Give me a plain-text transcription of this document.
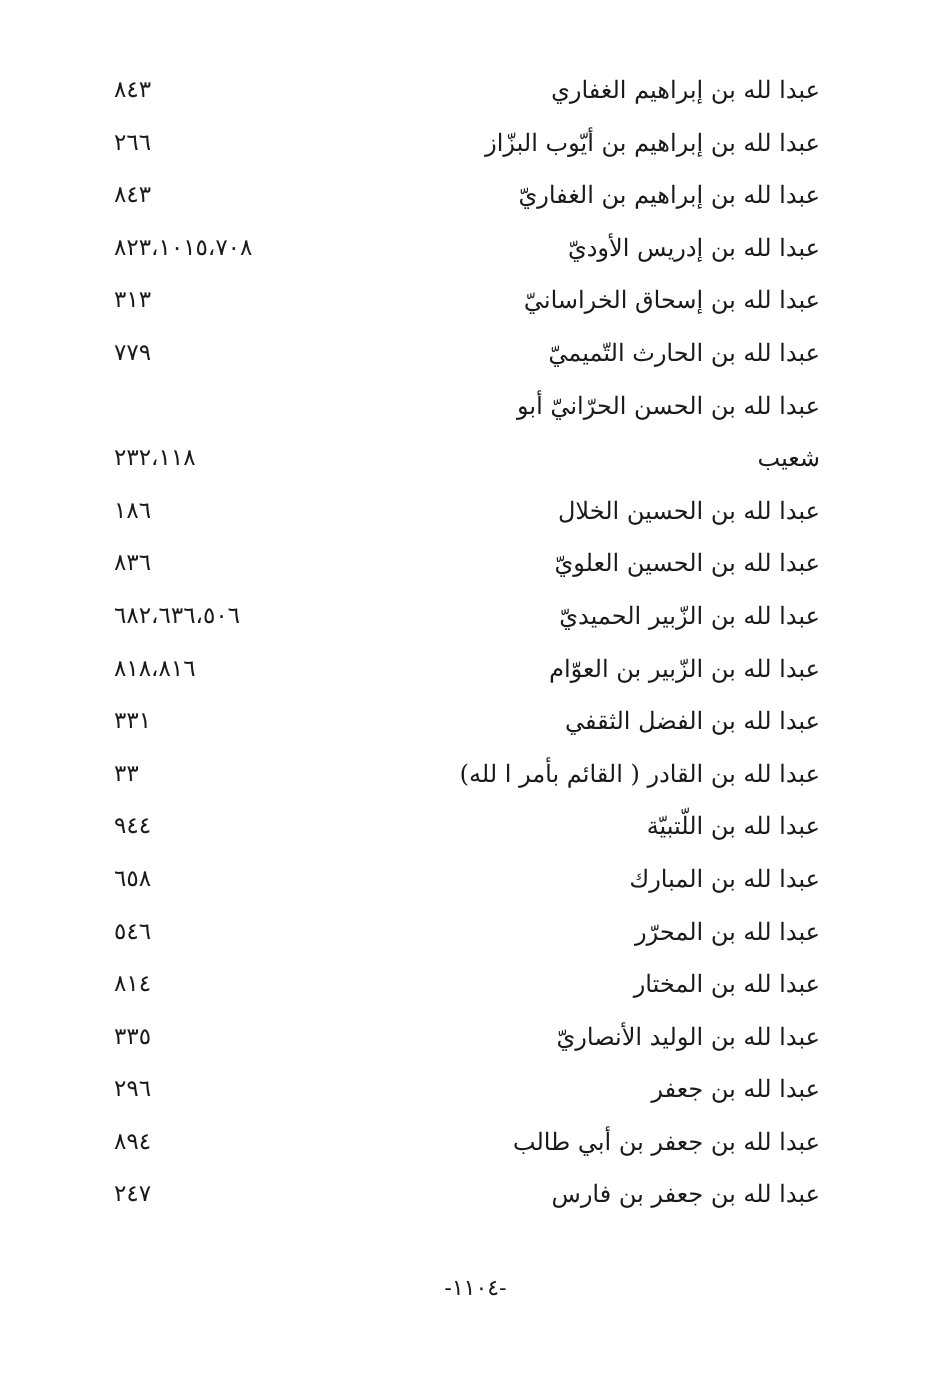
عبدا لله بن إبراهيم الغفاري
٨٤٣
عبدا لله بن إبراهيم بن أيّوب البزّاز
٢٦٦
عبدا لله بن إبراهيم بن الغفاريّ
٨٤٣
عبدا لله بن إدريس الأوديّ
٨٢٣،١٠١٥،٧٠٨
عبدا لله بن إسحاق الخراسانيّ
٣١٣
عبدا لله بن الحارث التّميميّ
٧٧٩
عبدا لله بن الحسن الحرّانيّ أبو
شعيب
٢٣٢،١١٨
عبدا لله بن الحسين الخلال
١٨٦
عبدا لله بن الحسين العلويّ
٨٣٦
عبدا لله بن الزّبير الحميديّ
٦٨٢،٦٣٦،٥٠٦
عبدا لله بن الزّبير بن العوّام
٨١٨،٨١٦
عبدا لله بن الفضل الثقفي
٣٣١
عبدا لله بن القادر ( القائم بأمر ا لله)
٣٣
عبدا لله بن اللّتبيّة
٩٤٤
عبدا لله بن المبارك
٦٥٨
عبدا لله بن المحرّر
٥٤٦
عبدا لله بن المختار
٨١٤
عبدا لله بن الوليد الأنصاريّ
٣٣٥
عبدا لله بن جعفر
٢٩٦
عبدا لله بن جعفر بن أبي طالب
٨٩٤
عبدا لله بن جعفر بن فارس
٢٤٧
-١١٠٤-
